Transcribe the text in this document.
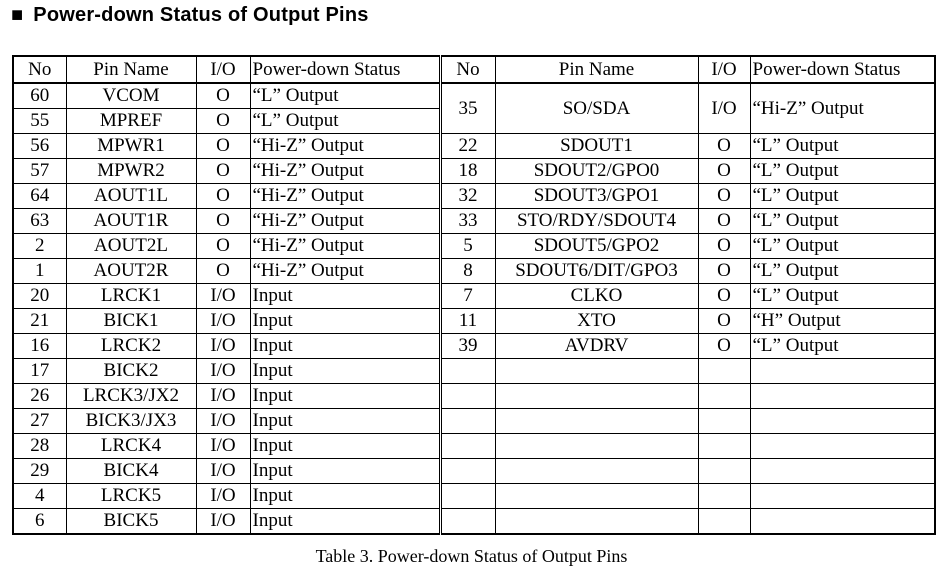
■ Power-down Status of Output Pins
No	Pin Name	I/O	Power-down Status	No	Pin Name	I/O	Power-down Status
60	VCOM	O	“L” Output	35	SO/SDA	I/O	“Hi-Z” Output
55	MPREF	O	“L” Output				
56	MPWR1	O	“Hi-Z” Output	22	SDOUT1	O	“L” Output
57	MPWR2	O	“Hi-Z” Output	18	SDOUT2/GPO0	O	“L” Output
64	AOUT1L	O	“Hi-Z” Output	32	SDOUT3/GPO1	O	“L” Output
63	AOUT1R	O	“Hi-Z” Output	33	STO/RDY/SDOUT4	O	“L” Output
2	AOUT2L	O	“Hi-Z” Output	5	SDOUT5/GPO2	O	“L” Output
1	AOUT2R	O	“Hi-Z” Output	8	SDOUT6/DIT/GPO3	O	“L” Output
20	LRCK1	I/O	Input	7	CLKO	O	“L” Output
21	BICK1	I/O	Input	11	XTO	O	“H” Output
16	LRCK2	I/O	Input	39	AVDRV	O	“L” Output
17	BICK2	I/O	Input				
26	LRCK3/JX2	I/O	Input				
27	BICK3/JX3	I/O	Input				
28	LRCK4	I/O	Input				
29	BICK4	I/O	Input				
4	LRCK5	I/O	Input				
6	BICK5	I/O	Input				
Table 3. Power-down Status of Output Pins
